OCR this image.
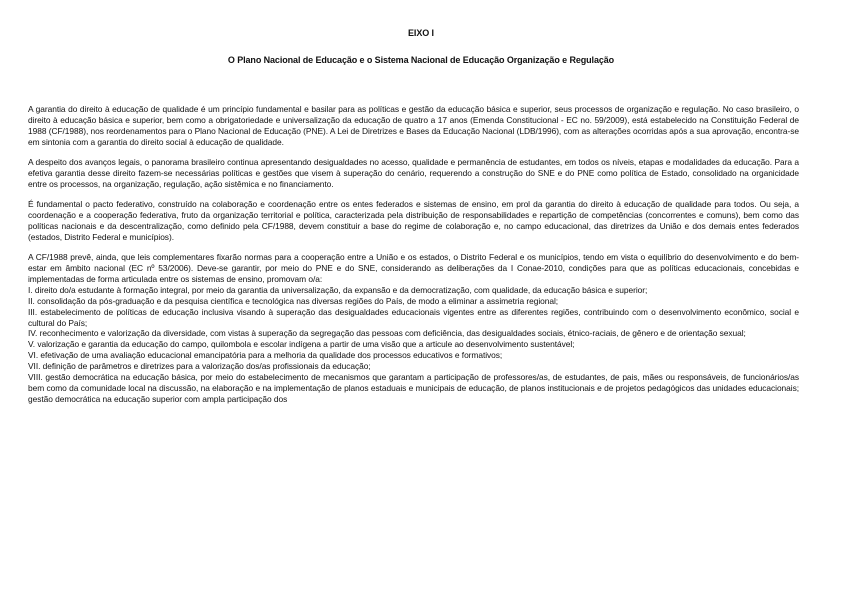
EIXO I
O Plano Nacional de Educação e o Sistema Nacional de Educação Organização e Regulação

A garantia do direito à educação de qualidade é um princípio fundamental e basilar para as políticas e gestão da educação básica e superior, seus processos de organização e regulação. No caso brasileiro, o direito à educação básica e superior, bem como a obrigatoriedade e universalização da educação de quatro a 17 anos (Emenda Constitucional - EC no. 59/2009), está estabelecido na Constituição Federal de 1988 (CF/1988), nos reordenamentos para o Plano Nacional de Educação (PNE). A Lei de Diretrizes e Bases da Educação Nacional (LDB/1996), com as alterações ocorridas após a sua aprovação, encontra-se em sintonia com a garantia do direito social à educação de qualidade.

A despeito dos avanços legais, o panorama brasileiro continua apresentando desigualdades no acesso, qualidade e permanência de estudantes, em todos os níveis, etapas e modalidades da educação. Para a efetiva garantia desse direito fazem-se necessárias políticas e gestões que visem à superação do cenário, requerendo a construção do SNE e do PNE como política de Estado, consolidado na organicidade entre os processos, na organização, regulação, ação sistêmica e no financiamento.

É fundamental o pacto federativo, construído na colaboração e coordenação entre os entes federados e sistemas de ensino, em prol da garantia do direito à educação de qualidade para todos. Ou seja, a coordenação e a cooperação federativa, fruto da organização territorial e política, caracterizada pela distribuição de responsabilidades e repartição de competências (concorrentes e comuns), bem como das políticas nacionais e da descentralização, como definido pela CF/1988, devem constituir a base do regime de colaboração e, no campo educacional, das diretrizes da União e dos demais entes federados (estados, Distrito Federal e municípios).

A CF/1988 prevê, ainda, que leis complementares fixarão normas para a cooperação entre a União e os estados, o Distrito Federal e os municípios, tendo em vista o equilíbrio do desenvolvimento e do bem-estar em âmbito nacional (EC nº 53/2006). Deve-se garantir, por meio do PNE e do SNE, considerando as deliberações da I Conae-2010, condições para que as políticas educacionais, concebidas e implementadas de forma articulada entre os sistemas de ensino, promovam o/a:

I. direito do/a estudante à formação integral, por meio da garantia da universalização, da expansão e da democratização, com qualidade, da educação básica e superior;

II. consolidação da pós-graduação e da pesquisa científica e tecnológica nas diversas regiões do País, de modo a eliminar a assimetria regional;

III. estabelecimento de políticas de educação inclusiva visando à superação das desigualdades educacionais vigentes entre as diferentes regiões, contribuindo com o desenvolvimento econômico, social e cultural do País;

IV. reconhecimento e valorização da diversidade, com vistas à superação da segregação das pessoas com deficiência, das desigualdades sociais, étnico-raciais, de gênero e de orientação sexual;

V. valorização e garantia da educação do campo, quilombola e escolar indígena a partir de uma visão que a articule ao desenvolvimento sustentável;

VI. efetivação de uma avaliação educacional emancipatória para a melhoria da qualidade dos processos educativos e formativos;

VII. definição de parâmetros e diretrizes para a valorização dos/as profissionais da educação;

VIII. gestão democrática na educação básica, por meio do estabelecimento de mecanismos que garantam a participação de professores/as, de estudantes, de pais, mães ou responsáveis, de funcionários/as bem como da comunidade local na discussão, na elaboração e na implementação de planos estaduais e municipais de educação, de planos institucionais e de projetos pedagógicos das unidades educacionais; gestão democrática na educação superior com ampla participação dos
